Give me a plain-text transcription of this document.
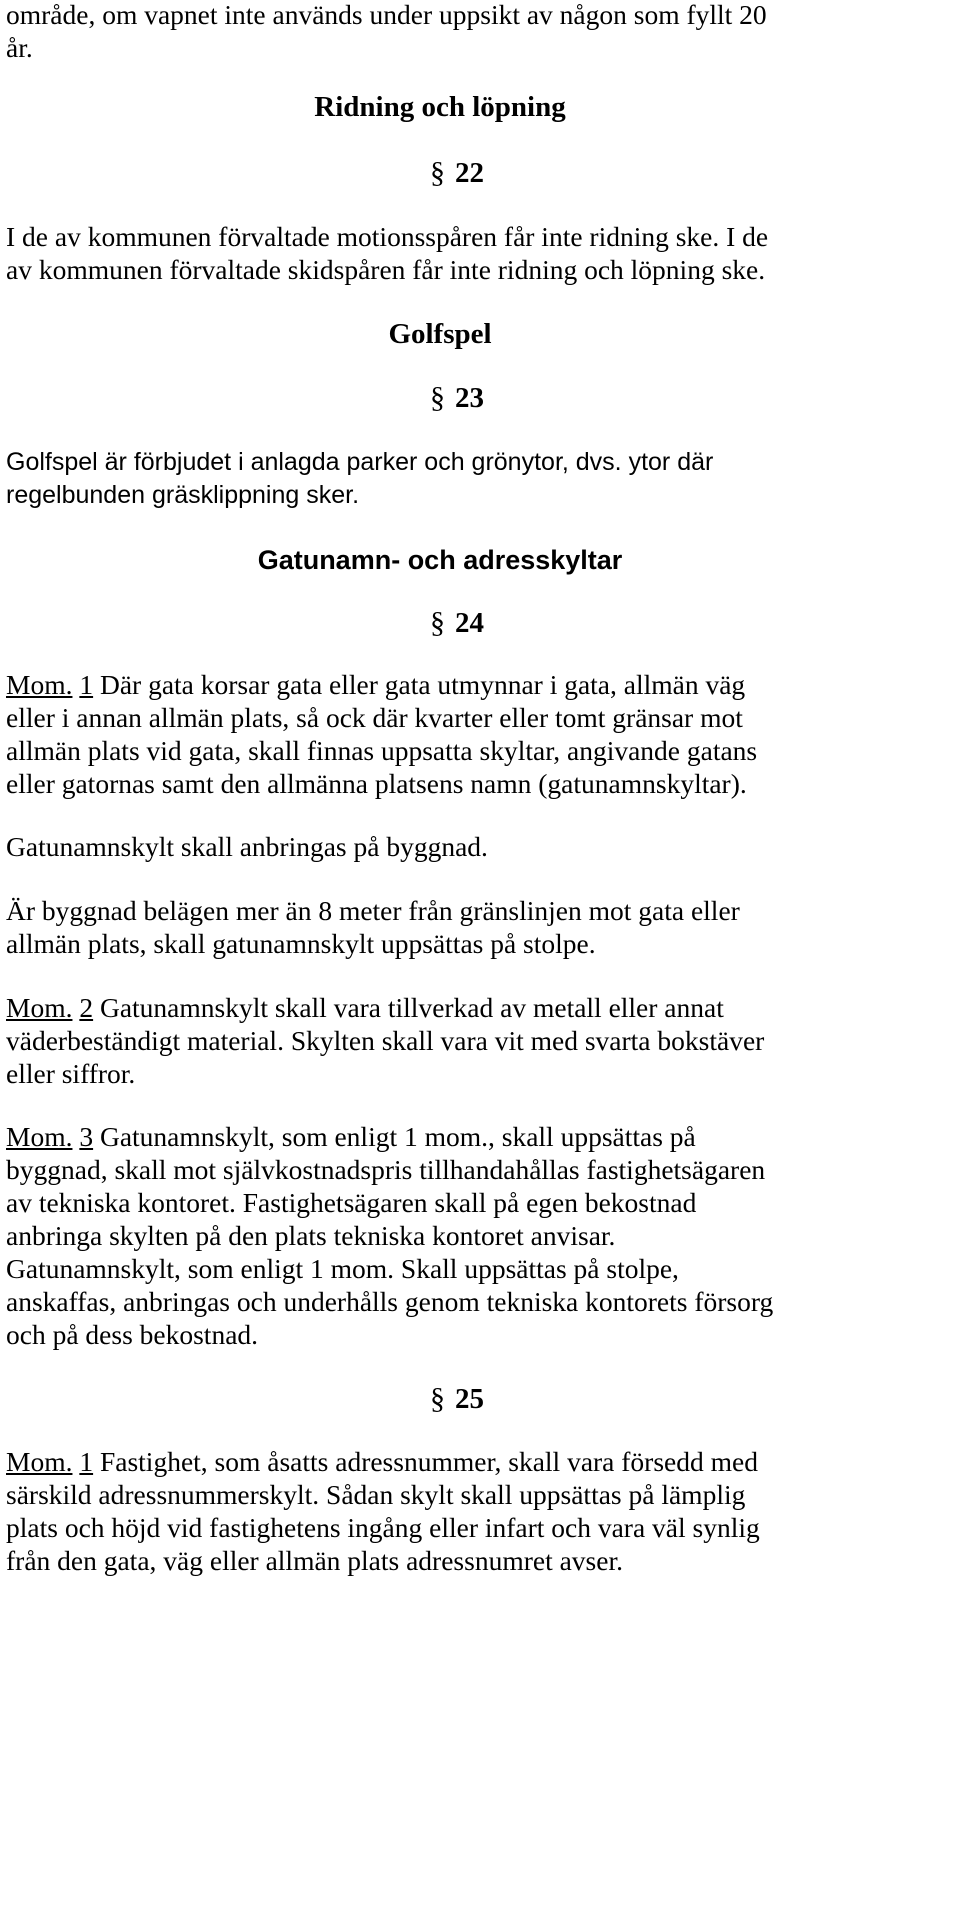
område, om vapnet inte används under uppsikt av någon som fyllt 20
år.
Ridning och löpning
§ 22
I de av kommunen förvaltade motionsspåren får inte ridning ske. I de
av kommunen förvaltade skidspåren får inte ridning och löpning ske.
Golfspel
§ 23
Golfspel är förbjudet i anlagda parker och grönytor, dvs. ytor där
regelbunden gräsklippning sker.
Gatunamn- och adresskyltar
§ 24
Mom. 1 Där gata korsar gata eller gata utmynnar i gata, allmän väg
eller i annan allmän plats, så ock där kvarter eller tomt gränsar mot
allmän plats vid gata, skall finnas uppsatta skyltar, angivande gatans
eller gatornas samt den allmänna platsens namn (gatunamnskyltar).
Gatunamnskylt skall anbringas på byggnad.
Är byggnad belägen mer än 8 meter från gränslinjen mot gata eller
allmän plats, skall gatunamnskylt uppsättas på stolpe.
Mom. 2 Gatunamnskylt skall vara tillverkad av metall eller annat
väderbeständigt material. Skylten skall vara vit med svarta bokstäver
eller siffror.
Mom. 3 Gatunamnskylt, som enligt 1 mom., skall uppsättas på
byggnad, skall mot självkostnadspris tillhandahållas fastighetsägaren
av tekniska kontoret. Fastighetsägaren skall på egen bekostnad
anbringa skylten på den plats tekniska kontoret anvisar.
Gatunamnskylt, som enligt 1 mom. Skall uppsättas på stolpe,
anskaffas, anbringas och underhålls genom tekniska kontorets försorg
och på dess bekostnad.
§ 25
Mom. 1 Fastighet, som åsatts adressnummer, skall vara försedd med
särskild adressnummerskylt. Sådan skylt skall uppsättas på lämplig
plats och höjd vid fastighetens ingång eller infart och vara väl synlig
från den gata, väg eller allmän plats adressnumret avser.
